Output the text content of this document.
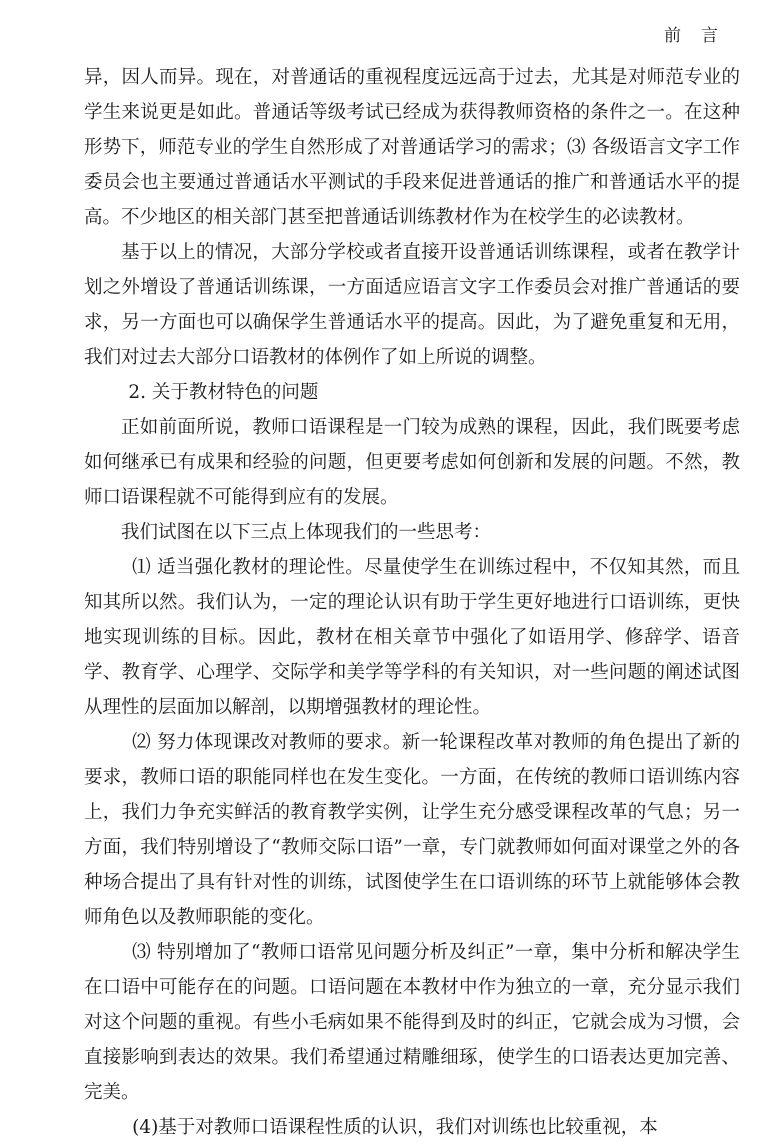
前言

异，因人而异。现在，对普通话的重视程度远远高于过去，尤其是对师范专业的学生来说更是如此。普通话等级考试已经成为获得教师资格的条件之一。在这种形势下，师范专业的学生自然形成了对普通话学习的需求；⑶ 各级语言文字工作委员会也主要通过普通话水平测试的手段来促进普通话的推广和普通话水平的提高。不少地区的相关部门甚至把普通话训练教材作为在校学生的必读教材。

基于以上的情况，大部分学校或者直接开设普通话训练课程，或者在教学计划之外增设了普通话训练课，一方面适应语言文字工作委员会对推广普通话的要求，另一方面也可以确保学生普通话水平的提高。因此，为了避免重复和无用，我们对过去大部分口语教材的体例作了如上所说的调整。

2. 关于教材特色的问题

正如前面所说，教师口语课程是一门较为成熟的课程，因此，我们既要考虑如何继承已有成果和经验的问题，但更要考虑如何创新和发展的问题。不然，教师口语课程就不可能得到应有的发展。

我们试图在以下三点上体现我们的一些思考：

⑴ 适当强化教材的理论性。尽量使学生在训练过程中，不仅知其然，而且知其所以然。我们认为，一定的理论认识有助于学生更好地进行口语训练，更快地实现训练的目标。因此，教材在相关章节中强化了如语用学、修辞学、语音学、教育学、心理学、交际学和美学等学科的有关知识，对一些问题的阐述试图从理性的层面加以解剖，以期增强教材的理论性。

⑵ 努力体现课改对教师的要求。新一轮课程改革对教师的角色提出了新的要求，教师口语的职能同样也在发生变化。一方面，在传统的教师口语训练内容上，我们力争充实鲜活的教育教学实例，让学生充分感受课程改革的气息；另一方面，我们特别增设了“教师交际口语”一章，专门就教师如何面对课堂之外的各种场合提出了具有针对性的训练，试图使学生在口语训练的环节上就能够体会教师角色以及教师职能的变化。

⑶ 特别增加了“教师口语常见问题分析及纠正”一章，集中分析和解决学生在口语中可能存在的问题。口语问题在本教材中作为独立的一章，充分显示我们对这个问题的重视。有些小毛病如果不能得到及时的纠正，它就会成为习惯，会直接影响到表达的效果。我们希望通过精雕细琢，使学生的口语表达更加完善、完美。

(4)基于对教师口语课程性质的认识，我们对训练也比较重视，本
